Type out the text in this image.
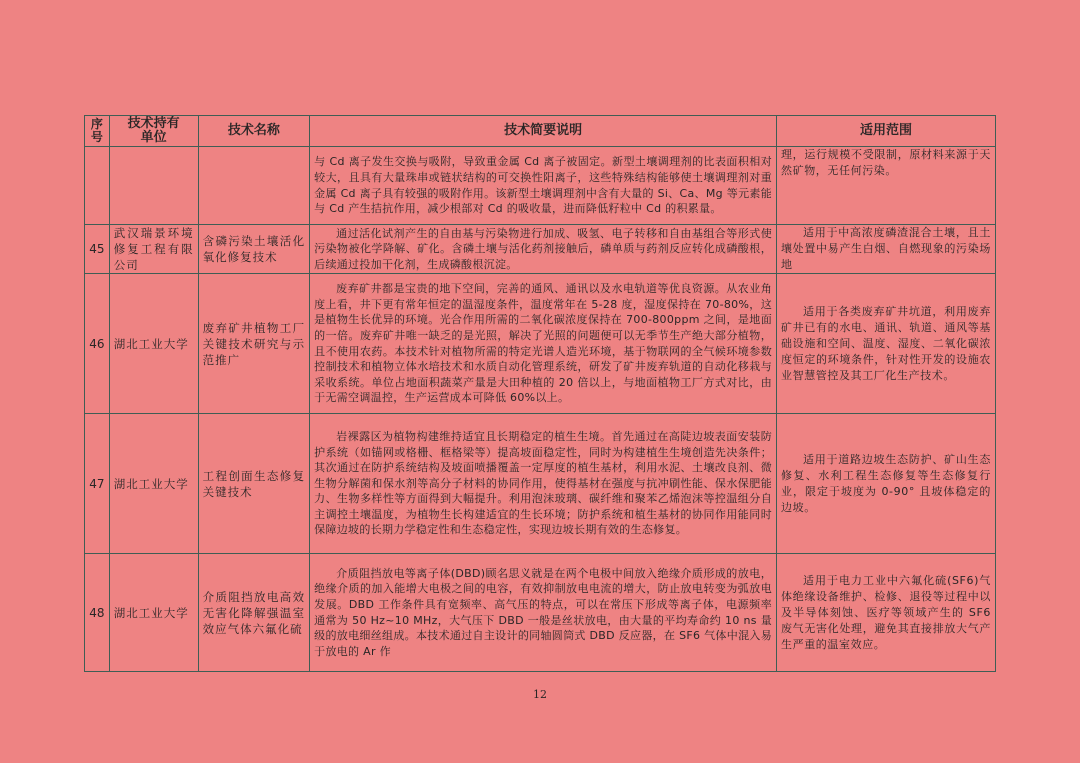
序号	技术持有单位	技术名称	技术简要说明	适用范围
			与 Cd 离子发生交换与吸附，导致重金属 Cd 离子被固定。新型土壤调理剂的比表面积相对较大，且具有大量珠串或链状结构的可交换性阳离子，这些特殊结构能够使土壤调理剂对重金属 Cd 离子具有较强的吸附作用。该新型土壤调理剂中含有大量的 Si、Ca、Mg 等元素能与 Cd 产生拮抗作用，减少根部对 Cd 的吸收量，进而降低籽粒中 Cd 的积累量。	理，运行规模不受限制，原材料来源于天然矿物，无任何污染。
45	武汉瑞景环境修复工程有限公司	含磷污染土壤活化氧化修复技术	通过活化试剂产生的自由基与污染物进行加成、吸氢、电子转移和自由基组合等形式使污染物被化学降解、矿化。含磷土壤与活化药剂接触后，磷单质与药剂反应转化成磷酸根，后续通过投加干化剂，生成磷酸根沉淀。	适用于中高浓度磷渣混合土壤，且土壤处置中易产生白烟、自燃现象的污染场地
46	湖北工业大学	废弃矿井植物工厂关键技术研究与示范推广	废弃矿井都是宝贵的地下空间，完善的通风、通讯以及水电轨道等优良资源。从农业角度上看，井下更有常年恒定的温湿度条件，温度常年在 5-28 度，湿度保持在 70-80%，这是植物生长优异的环境。光合作用所需的二氧化碳浓度保持在 700-800ppm 之间，是地面的一倍。废弃矿井唯一缺乏的是光照，解决了光照的问题便可以无季节生产绝大部分植物，且不使用农药。本技术针对植物所需的特定光谱人造光环境，基于物联网的全气候环境参数控制技术和植物立体水培技术和水质自动化管理系统，研发了矿井废弃轨道的自动化移栽与采收系统。单位占地面积蔬菜产量是大田种植的 20 倍以上，与地面植物工厂方式对比，由于无需空调温控，生产运营成本可降低 60%以上。	适用于各类废弃矿井坑道，利用废弃矿井已有的水电、通讯、轨道、通风等基础设施和空间、温度、湿度、二氧化碳浓度恒定的环境条件，针对性开发的设施农业智慧管控及其工厂化生产技术。
47	湖北工业大学	工程创面生态修复关键技术	岩裸露区为植物构建维持适宜且长期稳定的植生生境。首先通过在高陡边坡表面安装防护系统（如锚网或格栅、框格梁等）提高坡面稳定性，同时为构建植生生境创造先决条件；其次通过在防护系统结构及坡面喷播覆盖一定厚度的植生基材，利用水泥、土壤改良剂、微生物分解菌和保水剂等高分子材料的协同作用，使得基材在强度与抗冲刷性能、保水保肥能力、生物多样性等方面得到大幅提升。利用泡沫玻璃、碳纤维和聚苯乙烯泡沫等控温组分自主调控土壤温度，为植物生长构建适宜的生长环境；防护系统和植生基材的协同作用能同时保障边坡的长期力学稳定性和生态稳定性，实现边坡长期有效的生态修复。	适用于道路边坡生态防护、矿山生态修复、水利工程生态修复等生态修复行业，限定于坡度为 0-90° 且坡体稳定的边坡。
48	湖北工业大学	介质阻挡放电高效无害化降解强温室效应气体六氟化硫	介质阻挡放电等离子体(DBD)顾名思义就是在两个电极中间放入绝缘介质形成的放电，绝缘介质的加入能增大电极之间的电容，有效抑制放电电流的增大，防止放电转变为弧放电发展。DBD 工作条件具有宽频率、高气压的特点，可以在常压下形成等离子体，电源频率通常为 50 Hz~10 MHz，大气压下 DBD 一般是丝状放电，由大量的平均寿命约 10 ns 量级的放电细丝组成。本技术通过自主设计的同轴圆筒式 DBD 反应器，在 SF6 气体中混入易于放电的 Ar 作	适用于电力工业中六氟化硫(SF6)气体绝缘设备维护、检修、退役等过程中以及半导体刻蚀、医疗等领域产生的 SF6 废气无害化处理，避免其直接排放大气产生严重的温室效应。
12
